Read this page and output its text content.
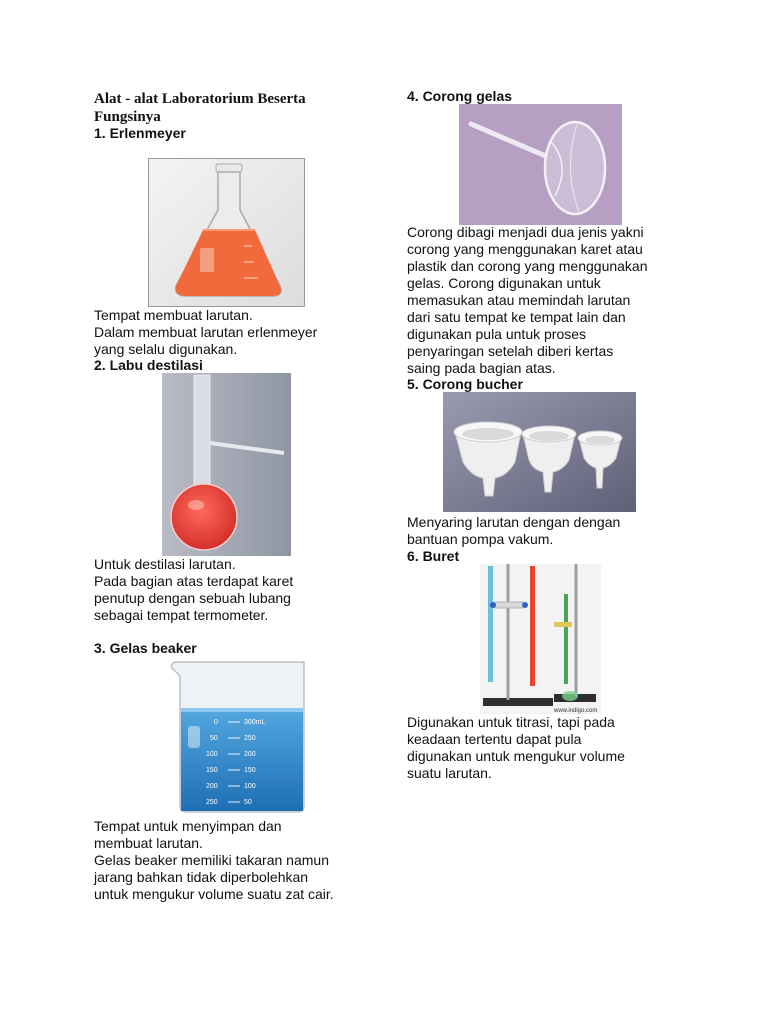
Alat - alat Laboratorium Beserta Fungsinya
1. Erlenmeyer
Tempat membuat larutan.
Dalam membuat larutan erlenmeyer
yang selalu digunakan.
2. Labu destilasi
Untuk destilasi larutan.
Pada bagian atas terdapat karet
penutup dengan sebuah lubang
sebagai tempat termometer.
3. Gelas beaker
0
50
100
150
200
250
300mL
250
200
150
100
50
Tempat untuk menyimpan dan
membuat larutan.
Gelas beaker memiliki takaran namun
jarang bahkan tidak diperbolehkan
untuk mengukur volume suatu zat cair.
4. Corong gelas
Corong dibagi menjadi dua jenis yakni
corong yang menggunakan karet atau
plastik dan corong yang menggunakan
gelas. Corong digunakan untuk
memasukan atau memindah larutan
dari satu tempat ke tempat lain dan
digunakan pula untuk proses
penyaringan setelah diberi kertas
saing pada bagian atas.
5. Corong bucher
Menyaring larutan dengan dengan
bantuan pompa vakum.
6. Buret
www.indigo.com
Digunakan untuk titrasi, tapi pada
keadaan tertentu dapat pula
digunakan untuk mengukur volume
suatu larutan.
